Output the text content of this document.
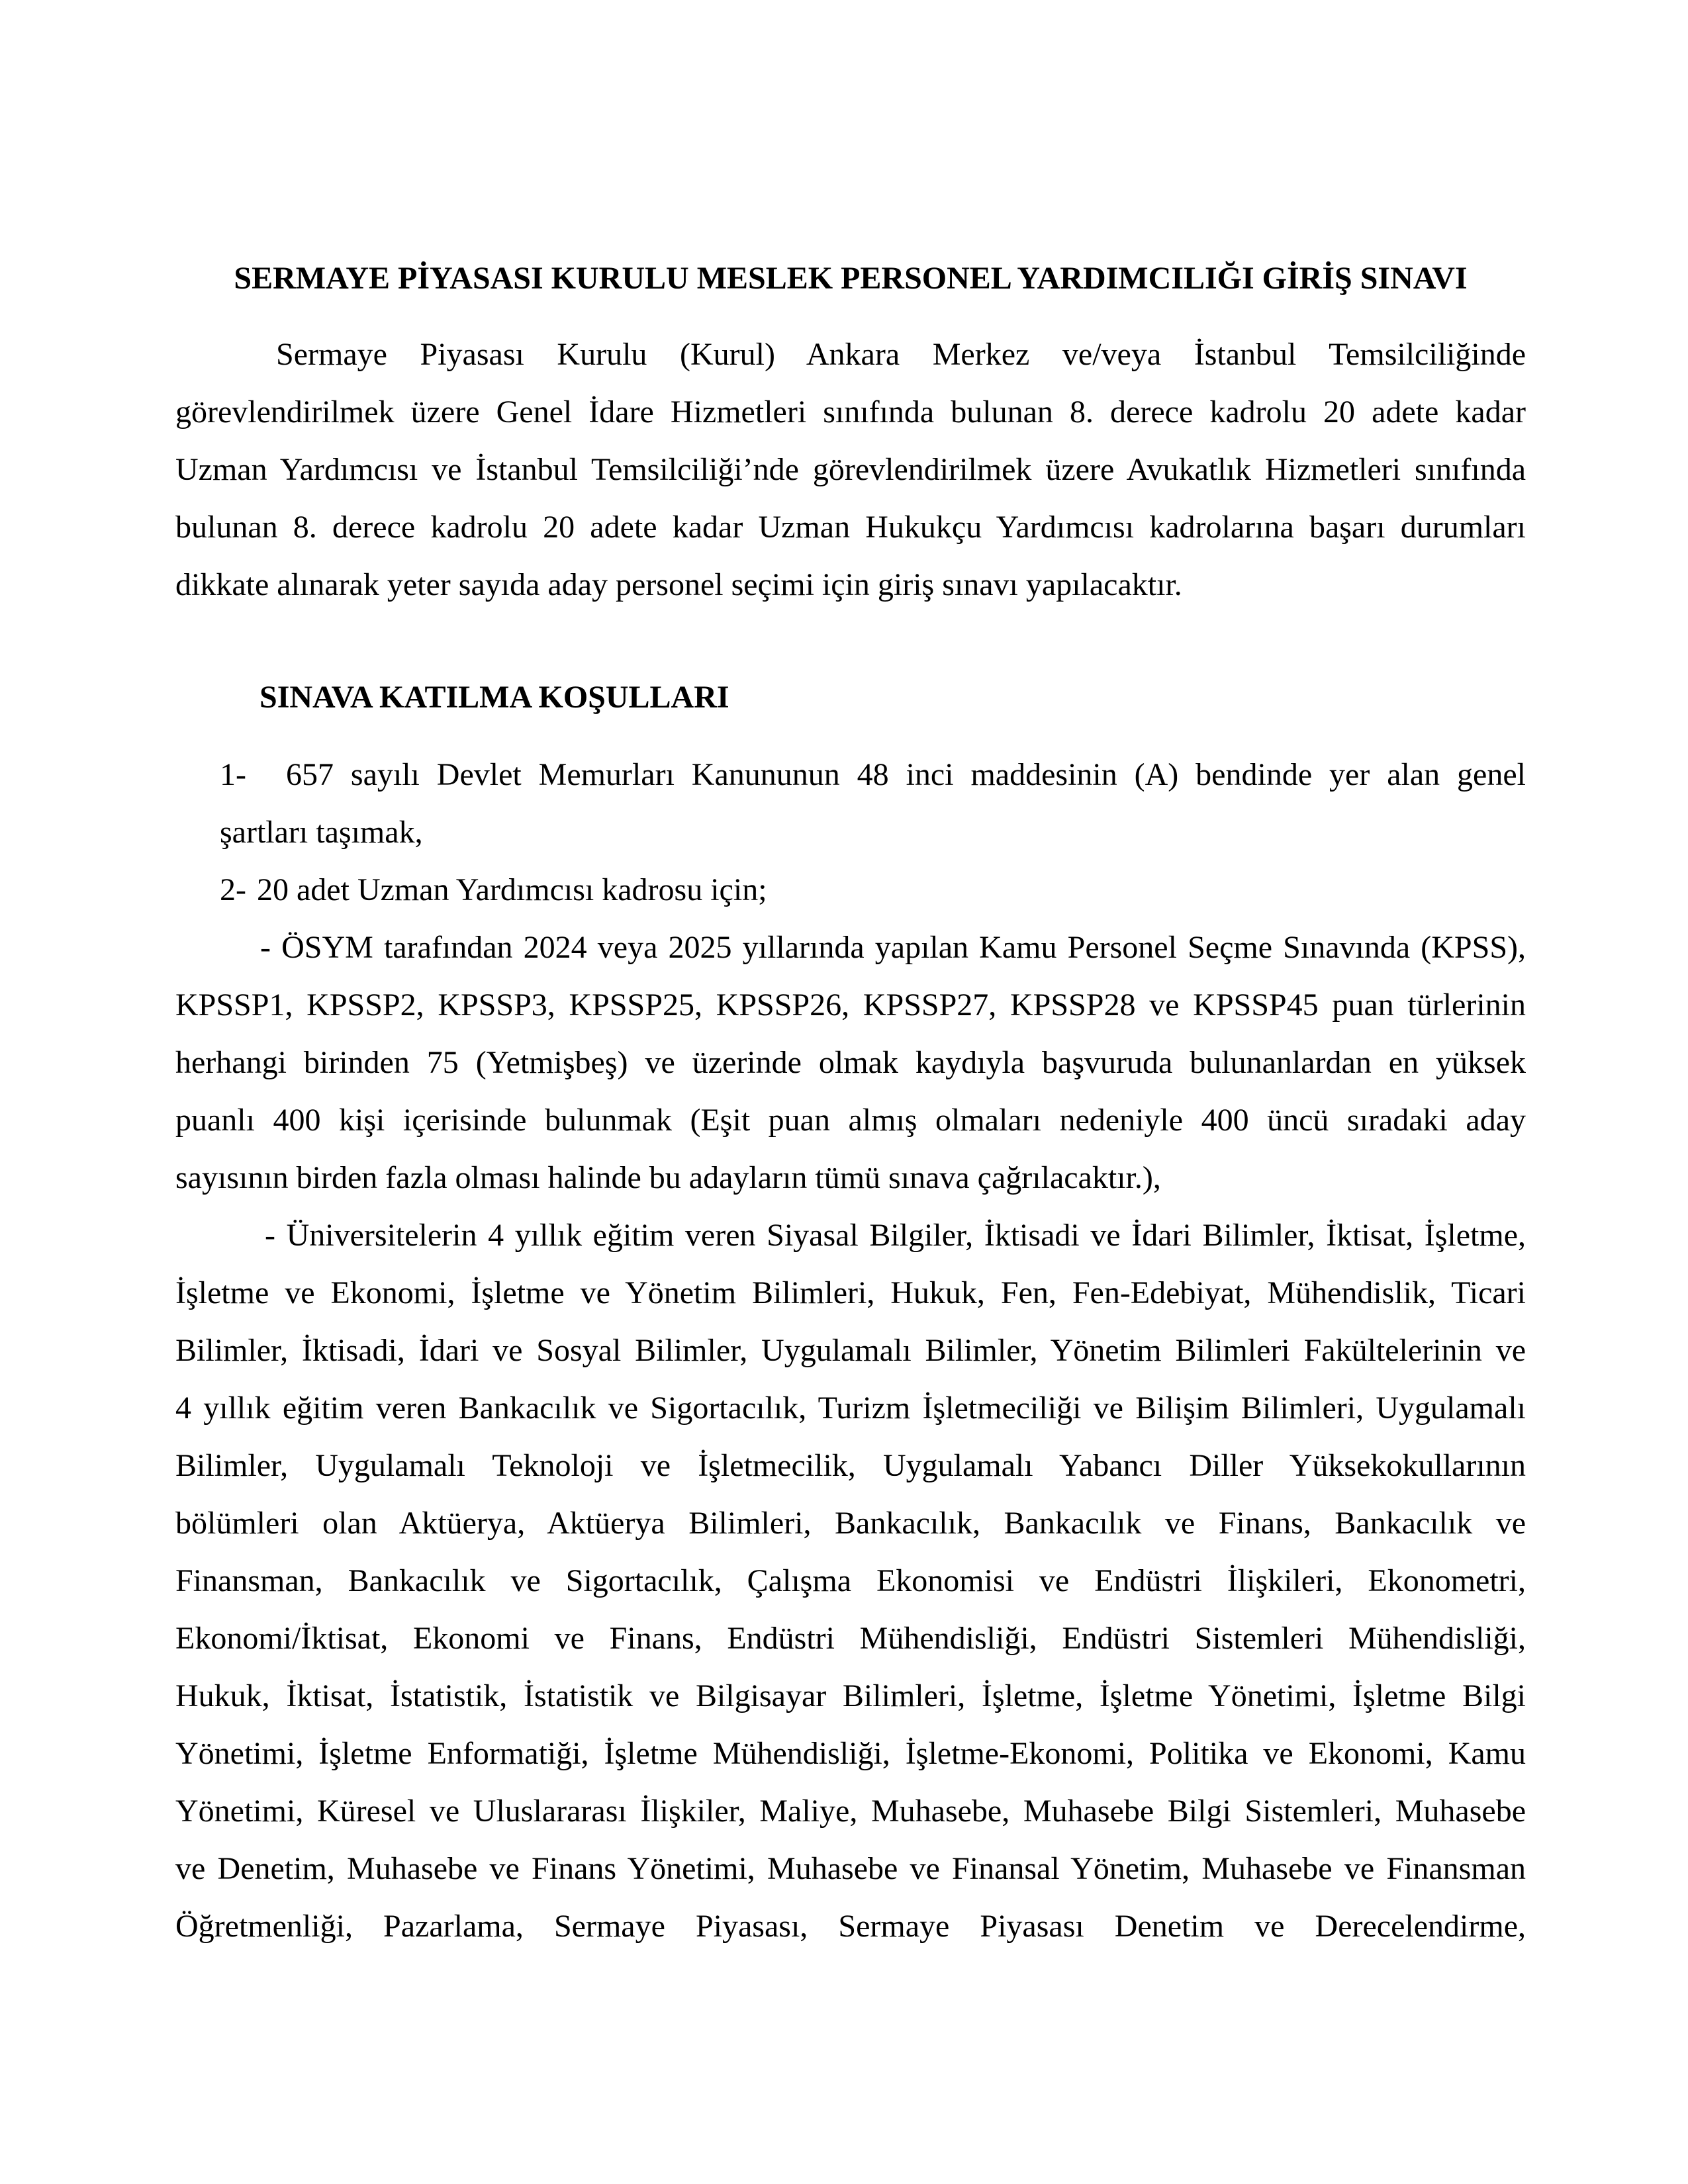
SERMAYE PİYASASI KURULU MESLEK PERSONEL YARDIMCILIĞI GİRİŞ SINAVI
Sermaye Piyasası Kurulu (Kurul) Ankara Merkez ve/veya İstanbul Temsilciliğinde
görevlendirilmek üzere Genel İdare Hizmetleri sınıfında bulunan 8. derece kadrolu 20 adete kadar
Uzman Yardımcısı ve İstanbul Temsilciliği’nde görevlendirilmek üzere Avukatlık Hizmetleri sınıfında
bulunan 8. derece kadrolu 20 adete kadar Uzman Hukukçu Yardımcısı kadrolarına başarı durumları
dikkate alınarak yeter sayıda aday personel seçimi için giriş sınavı yapılacaktır.
SINAVA KATILMA KOŞULLARI
1- 657 sayılı Devlet Memurları Kanununun 48 inci maddesinin (A) bendinde yer alan genel
şartları taşımak,
2- 20 adet Uzman Yardımcısı kadrosu için;
- ÖSYM tarafından 2024 veya 2025 yıllarında yapılan Kamu Personel Seçme Sınavında (KPSS),
KPSSP1, KPSSP2, KPSSP3, KPSSP25, KPSSP26, KPSSP27, KPSSP28 ve KPSSP45 puan türlerinin
herhangi birinden 75 (Yetmişbeş) ve üzerinde olmak kaydıyla başvuruda bulunanlardan en yüksek
puanlı 400 kişi içerisinde bulunmak (Eşit puan almış olmaları nedeniyle 400 üncü sıradaki aday
sayısının birden fazla olması halinde bu adayların tümü sınava çağrılacaktır.),
- Üniversitelerin 4 yıllık eğitim veren Siyasal Bilgiler, İktisadi ve İdari Bilimler, İktisat, İşletme,
İşletme ve Ekonomi, İşletme ve Yönetim Bilimleri, Hukuk, Fen, Fen-Edebiyat, Mühendislik, Ticari
Bilimler, İktisadi, İdari ve Sosyal Bilimler, Uygulamalı Bilimler, Yönetim Bilimleri Fakültelerinin ve
4 yıllık eğitim veren Bankacılık ve Sigortacılık, Turizm İşletmeciliği ve Bilişim Bilimleri, Uygulamalı
Bilimler, Uygulamalı Teknoloji ve İşletmecilik, Uygulamalı Yabancı Diller Yüksekokullarının
bölümleri olan Aktüerya, Aktüerya Bilimleri, Bankacılık, Bankacılık ve Finans, Bankacılık ve
Finansman, Bankacılık ve Sigortacılık, Çalışma Ekonomisi ve Endüstri İlişkileri, Ekonometri,
Ekonomi/İktisat, Ekonomi ve Finans, Endüstri Mühendisliği, Endüstri Sistemleri Mühendisliği,
Hukuk, İktisat, İstatistik, İstatistik ve Bilgisayar Bilimleri, İşletme, İşletme Yönetimi, İşletme Bilgi
Yönetimi, İşletme Enformatiği, İşletme Mühendisliği, İşletme-Ekonomi, Politika ve Ekonomi, Kamu
Yönetimi, Küresel ve Uluslararası İlişkiler, Maliye, Muhasebe, Muhasebe Bilgi Sistemleri, Muhasebe
ve Denetim, Muhasebe ve Finans Yönetimi, Muhasebe ve Finansal Yönetim, Muhasebe ve Finansman
Öğretmenliği, Pazarlama, Sermaye Piyasası, Sermaye Piyasası Denetim ve Derecelendirme,
